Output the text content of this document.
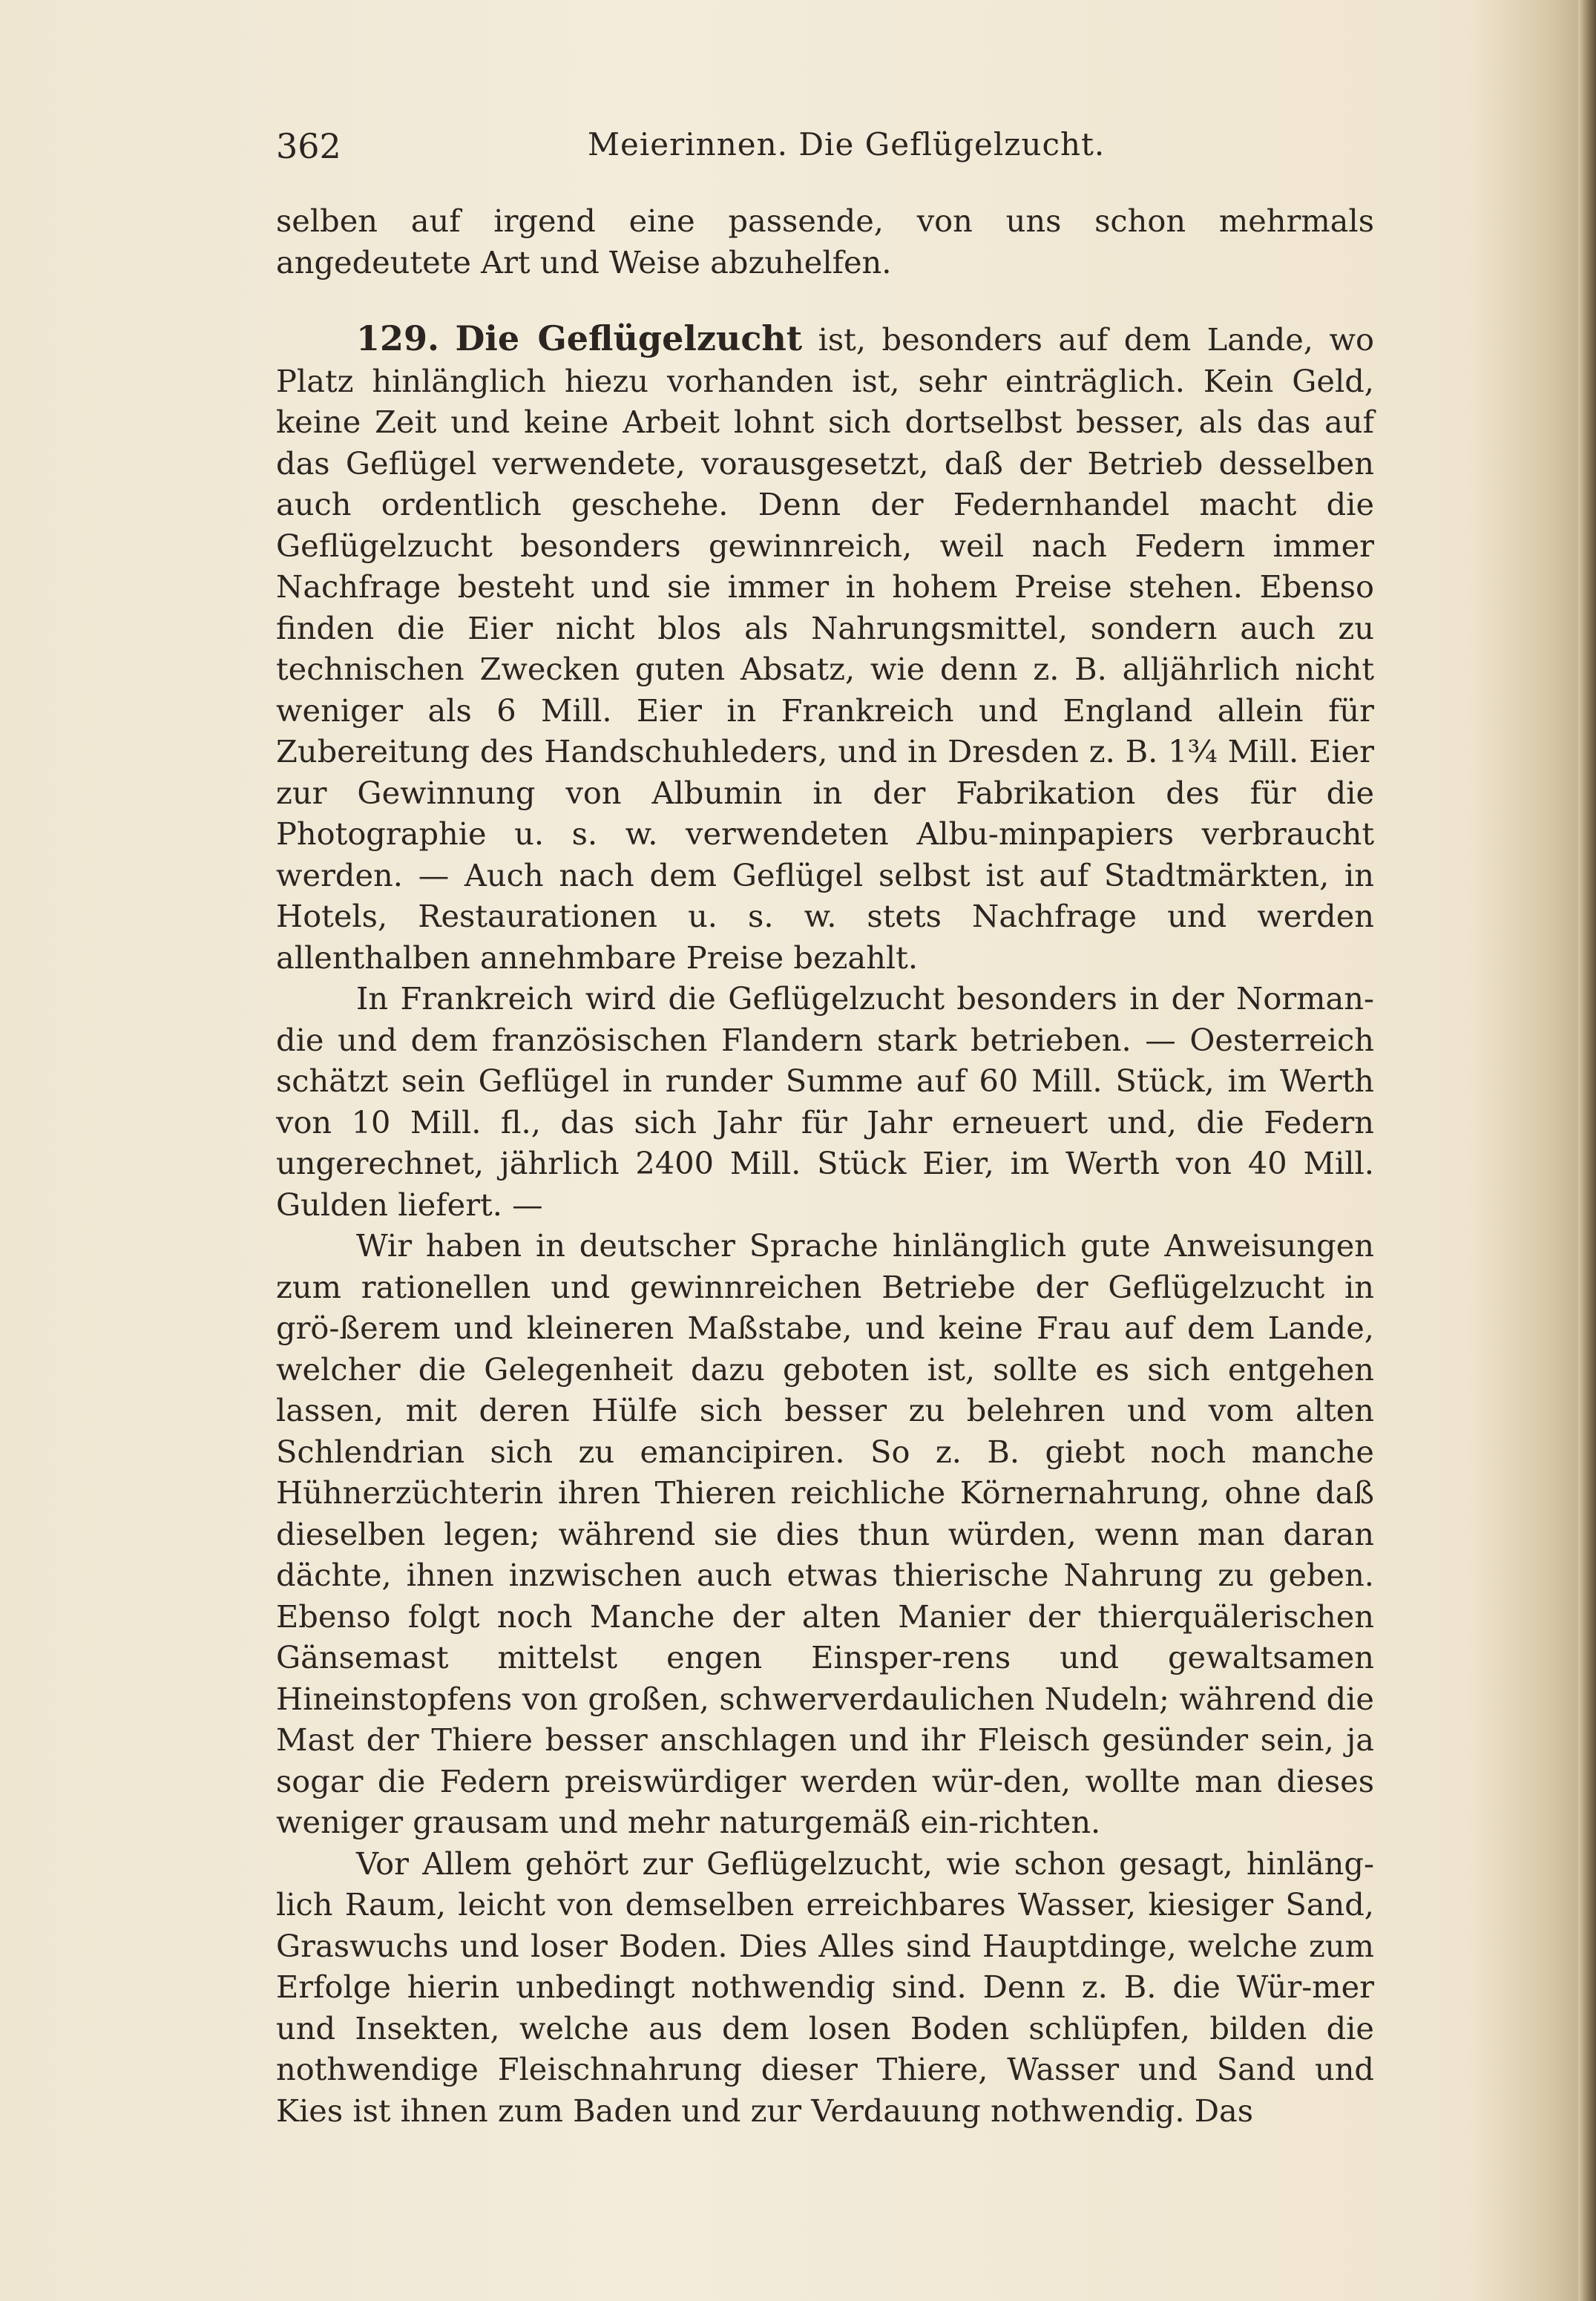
362	Meierinnen. Die Geflügelzucht.

selben auf irgend eine passende, von uns schon mehrmals angedeutete Art und Weise abzuhelfen.

129. Die Geflügelzucht ist, besonders auf dem Lande, wo Platz hinlänglich hiezu vorhanden ist, sehr einträglich. Kein Geld, keine Zeit und keine Arbeit lohnt sich dortselbst besser, als das auf das Geflügel verwendete, vorausgesetzt, daß der Betrieb desselben auch ordentlich geschehe. Denn der Federnhandel macht die Geflügelzucht besonders gewinnreich, weil nach Federn immer Nachfrage besteht und sie immer in hohem Preise stehen. Ebenso finden die Eier nicht blos als Nahrungsmittel, sondern auch zu technischen Zwecken guten Absatz, wie denn z. B. alljährlich nicht weniger als 6 Mill. Eier in Frankreich und England allein für Zubereitung des Handschuhleders, und in Dresden z. B. 1¾ Mill. Eier zur Gewinnung von Albumin in der Fabrikation des für die Photographie u. s. w. verwendeten Albu-minpapiers verbraucht werden. — Auch nach dem Geflügel selbst ist auf Stadtmärkten, in Hotels, Restaurationen u. s. w. stets Nachfrage und werden allenthalben annehmbare Preise bezahlt.

In Frankreich wird die Geflügelzucht besonders in der Norman-die und dem französischen Flandern stark betrieben. — Oesterreich schätzt sein Geflügel in runder Summe auf 60 Mill. Stück, im Werth von 10 Mill. fl., das sich Jahr für Jahr erneuert und, die Federn ungerechnet, jährlich 2400 Mill. Stück Eier, im Werth von 40 Mill. Gulden liefert. —

Wir haben in deutscher Sprache hinlänglich gute Anweisungen zum rationellen und gewinnreichen Betriebe der Geflügelzucht in grö-ßerem und kleineren Maßstabe, und keine Frau auf dem Lande, welcher die Gelegenheit dazu geboten ist, sollte es sich entgehen lassen, mit deren Hülfe sich besser zu belehren und vom alten Schlendrian sich zu emancipiren. So z. B. giebt noch manche Hühnerzüchterin ihren Thieren reichliche Körnernahrung, ohne daß dieselben legen; während sie dies thun würden, wenn man daran dächte, ihnen inzwischen auch etwas thierische Nahrung zu geben. Ebenso folgt noch Manche der alten Manier der thierquälerischen Gänsemast mittelst engen Einsper-rens und gewaltsamen Hineinstopfens von großen, schwerverdaulichen Nudeln; während die Mast der Thiere besser anschlagen und ihr Fleisch gesünder sein, ja sogar die Federn preiswürdiger werden wür-den, wollte man dieses weniger grausam und mehr naturgemäß ein-richten.

Vor Allem gehört zur Geflügelzucht, wie schon gesagt, hinläng-lich Raum, leicht von demselben erreichbares Wasser, kiesiger Sand, Graswuchs und loser Boden. Dies Alles sind Hauptdinge, welche zum Erfolge hierin unbedingt nothwendig sind. Denn z. B. die Wür-mer und Insekten, welche aus dem losen Boden schlüpfen, bilden die nothwendige Fleischnahrung dieser Thiere, Wasser und Sand und Kies ist ihnen zum Baden und zur Verdauung nothwendig. Das
